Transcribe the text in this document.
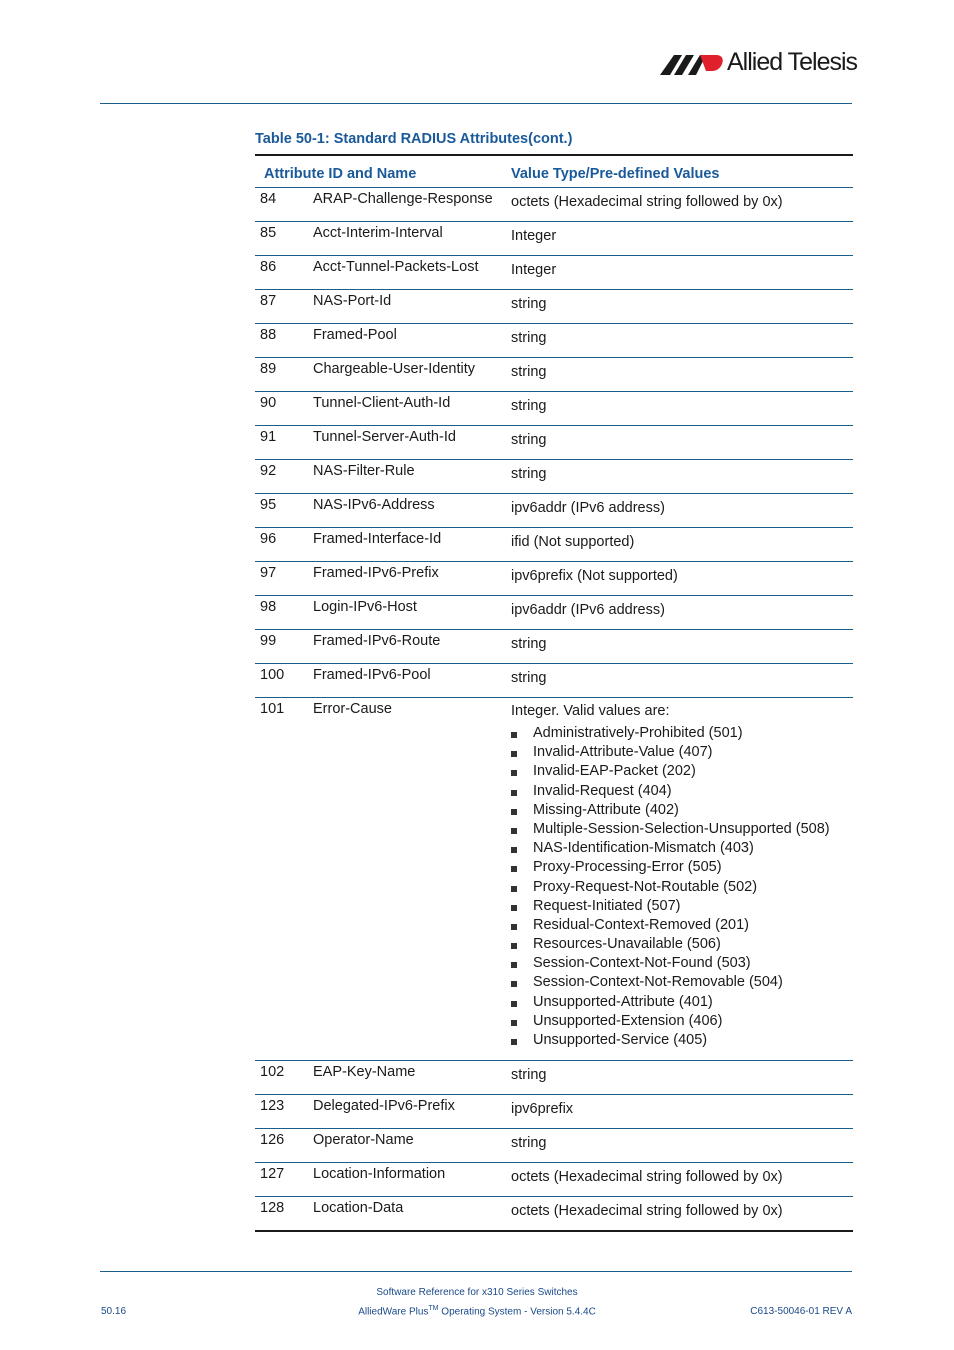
Allied Telesis
Table 50-1: Standard RADIUS Attributes(cont.)
Attribute ID and Name	Value Type/Pre-defined Values
84	ARAP-Challenge-Response octets (Hexadecimal string followed by 0x)
85	Acct-Interim-Interval	Integer
86	Acct-Tunnel-Packets-Lost Integer
87	NAS-Port-Id	string
88	Framed-Pool	string
89	Chargeable-User-Identity string
90	Tunnel-Client-Auth-Id	string
91	Tunnel-Server-Auth-Id	string
92	NAS-Filter-Rule	string
95	NAS-IPv6-Address	ipv6addr (IPv6 address)
96	Framed-Interface-Id	ifid (Not supported)
97	Framed-IPv6-Prefix	ipv6prefix (Not supported)
98	Login-IPv6-Host	ipv6addr (IPv6 address)
99	Framed-IPv6-Route	string
100 Framed-IPv6-Pool	string
101 Error-Cause	Integer. Valid values are:
Administratively-Prohibited (501)
Invalid-Attribute-Value (407)
Invalid-EAP-Packet (202)
Invalid-Request (404)
Missing-Attribute (402)
Multiple-Session-Selection-Unsupported (508)
NAS-Identification-Mismatch (403)
Proxy-Processing-Error (505)
Proxy-Request-Not-Routable (502)
Request-Initiated (507)
Residual-Context-Removed (201)
Resources-Unavailable (506)
Session-Context-Not-Found (503)
Session-Context-Not-Removable (504)
Unsupported-Attribute (401)
Unsupported-Extension (406)
Unsupported-Service (405)
102 EAP-Key-Name	string
123 Delegated-IPv6-Prefix	ipv6prefix
126 Operator-Name	string
127 Location-Information	octets (Hexadecimal string followed by 0x)
128 Location-Data	octets (Hexadecimal string followed by 0x)
Software Reference for x310 Series Switches
AlliedWare Plus™ Operating System - Version 5.4.4C
50.16	C613-50046-01 REV A
